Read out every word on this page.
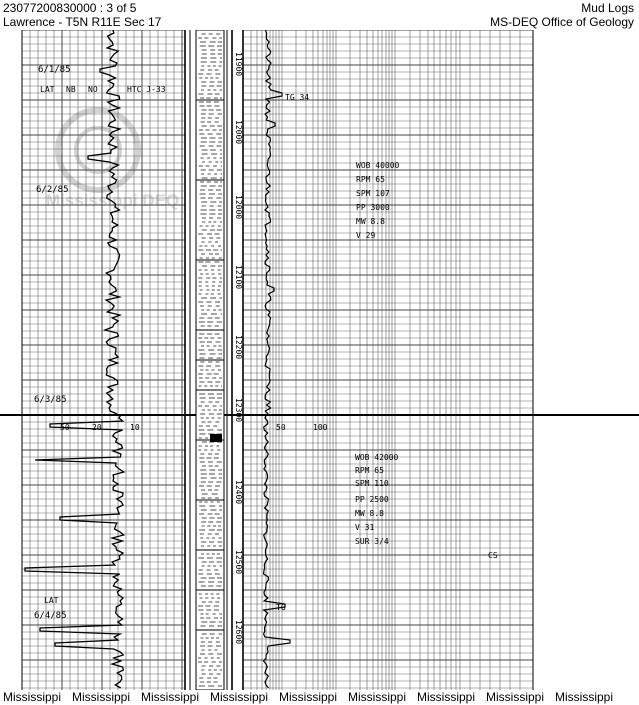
23077200830000 : 3 of 5
Lawrence - T5N R11E Sec 17
Mud Logs
MS-DEQ Office of Geology
Mississippi DEQ
6/1/85
6/2/85
6/3/85
6/4/85
LAT NB NO	HTC J-33
TG 34
TG
LAT
CS
50	20	10	50	100
11900
12000
12000
12100
12200
12300
12400
12500
12600
WOB 40000
RPM 65
SPM 107
PP 3000
MW 8.8
V 29
WOB 42000
RPM 65
SPM 110
PP 2500
MW 8.8
V 31
SUR 3/4
Mississippi Mississippi Mississippi Mississippi Mississippi Mississippi Mississippi Mississippi Mississippi
